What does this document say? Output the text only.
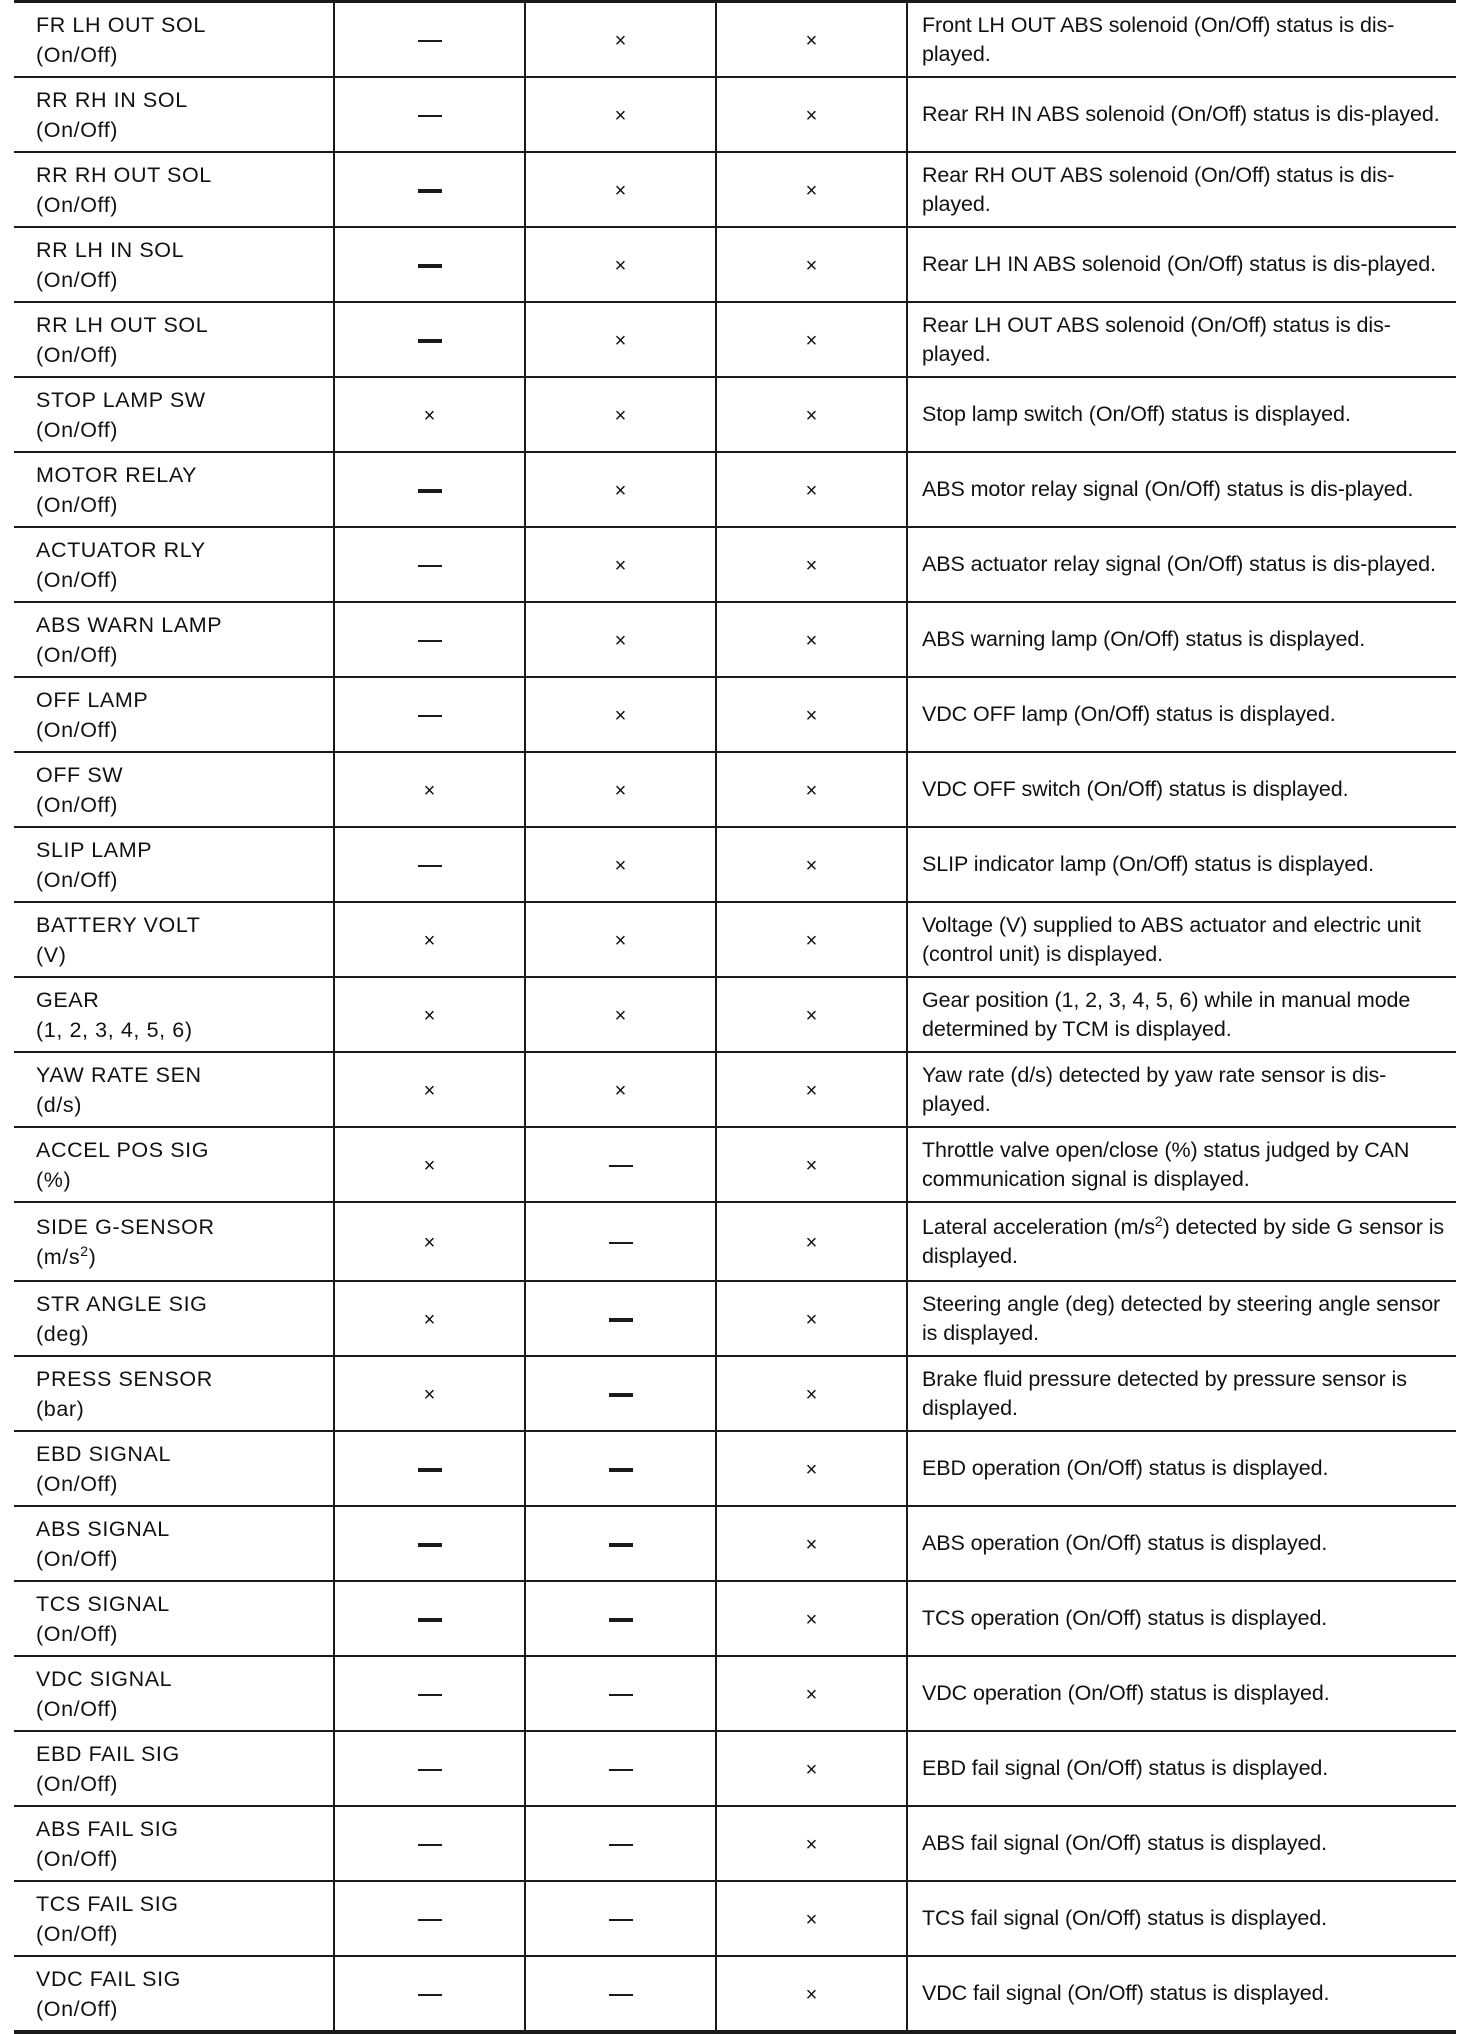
FR LH OUT SOL
(On/Off)		×	×	Front LH OUT ABS solenoid (On/Off) status is dis-played.

RR RH IN SOL
(On/Off)		×	×	Rear RH IN ABS solenoid (On/Off) status is dis-played.

RR RH OUT SOL
(On/Off)		×	×	Rear RH OUT ABS solenoid (On/Off) status is dis-played.

RR LH IN SOL
(On/Off)		×	×	Rear LH IN ABS solenoid (On/Off) status is dis-played.

RR LH OUT SOL
(On/Off)		×	×	Rear LH OUT ABS solenoid (On/Off) status is dis-played.

STOP LAMP SW
(On/Off)	×	×	×	Stop lamp switch (On/Off) status is displayed.

MOTOR RELAY
(On/Off)		×	×	ABS motor relay signal (On/Off) status is dis-played.

ACTUATOR RLY
(On/Off)		×	×	ABS actuator relay signal (On/Off) status is dis-played.

ABS WARN LAMP
(On/Off)		×	×	ABS warning lamp (On/Off) status is displayed.

OFF LAMP
(On/Off)		×	×	VDC OFF lamp (On/Off) status is displayed.

OFF SW
(On/Off)	×	×	×	VDC OFF switch (On/Off) status is displayed.

SLIP LAMP
(On/Off)		×	×	SLIP indicator lamp (On/Off) status is displayed.

BATTERY VOLT
(V)	×	×	×	Voltage (V) supplied to ABS actuator and electric unit (control unit) is displayed.

GEAR
(1, 2, 3, 4, 5, 6)	×	×	×	Gear position (1, 2, 3, 4, 5, 6) while in manual mode determined by TCM is displayed.

YAW RATE SEN
(d/s)	×	×	×	Yaw rate (d/s) detected by yaw rate sensor is dis-played.

ACCEL POS SIG
(%)	×		×	Throttle valve open/close (%) status judged by CAN communication signal is displayed.

SIDE G-SENSOR
$(m/s^2)$	×		×	Lateral acceleration $(m/s^2)$ detected by side G sensor is displayed.

STR ANGLE SIG
(deg)	×		×	Steering angle (deg) detected by steering angle sensor is displayed.

PRESS SENSOR
(bar)	×		×	Brake fluid pressure detected by pressure sensor is displayed.

EBD SIGNAL
(On/Off)			×	EBD operation (On/Off) status is displayed.

ABS SIGNAL
(On/Off)			×	ABS operation (On/Off) status is displayed.

TCS SIGNAL
(On/Off)			×	TCS operation (On/Off) status is displayed.

VDC SIGNAL
(On/Off)			×	VDC operation (On/Off) status is displayed.

EBD FAIL SIG
(On/Off)			×	EBD fail signal (On/Off) status is displayed.

ABS FAIL SIG
(On/Off)			×	ABS fail signal (On/Off) status is displayed.

TCS FAIL SIG
(On/Off)			×	TCS fail signal (On/Off) status is displayed.

VDC FAIL SIG
(On/Off)			×	VDC fail signal (On/Off) status is displayed.
